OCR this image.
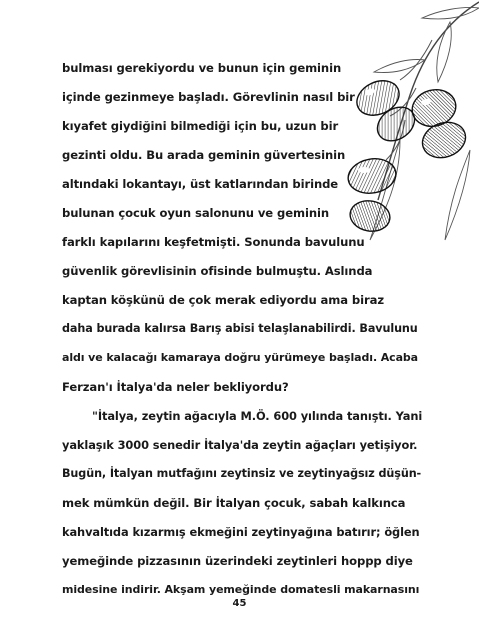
bulması gerekiyordu ve bunun için geminin
içinde gezinmeye başladı. Görevlinin nasıl bir
kıyafet giydiğini bilmediği için bu, uzun bir
gezinti oldu. Bu arada geminin güvertesinin
altındaki lokantayı, üst katlarından birinde
bulunan çocuk oyun salonunu ve geminin
farklı kapılarını keşfetmişti. Sonunda bavulunu
güvenlik görevlisinin ofisinde bulmuştu. Aslında
kaptan köşkünü de çok merak ediyordu ama biraz
daha burada kalırsa Barış abisi telaşlanabilirdi. Bavulunu
aldı ve kalacağı kamaraya doğru yürümeye başladı. Acaba
Ferzan'ı İtalya'da neler bekliyordu?
"İtalya, zeytin ağacıyla M.Ö. 600 yılında tanıştı. Yani
yaklaşık 3000 senedir İtalya'da zeytin ağaçları yetişiyor.
Bugün, İtalyan mutfağını zeytinsiz ve zeytinyağsız düşün-
mek mümkün değil. Bir İtalyan çocuk, sabah kalkınca
kahvaltıda kızarmış ekmeğini zeytinyağına batırır; öğlen
yemeğinde pizzasının üzerindeki zeytinleri hoppp diye
midesine indirir. Akşam yemeğinde domatesli makarnasını
45
